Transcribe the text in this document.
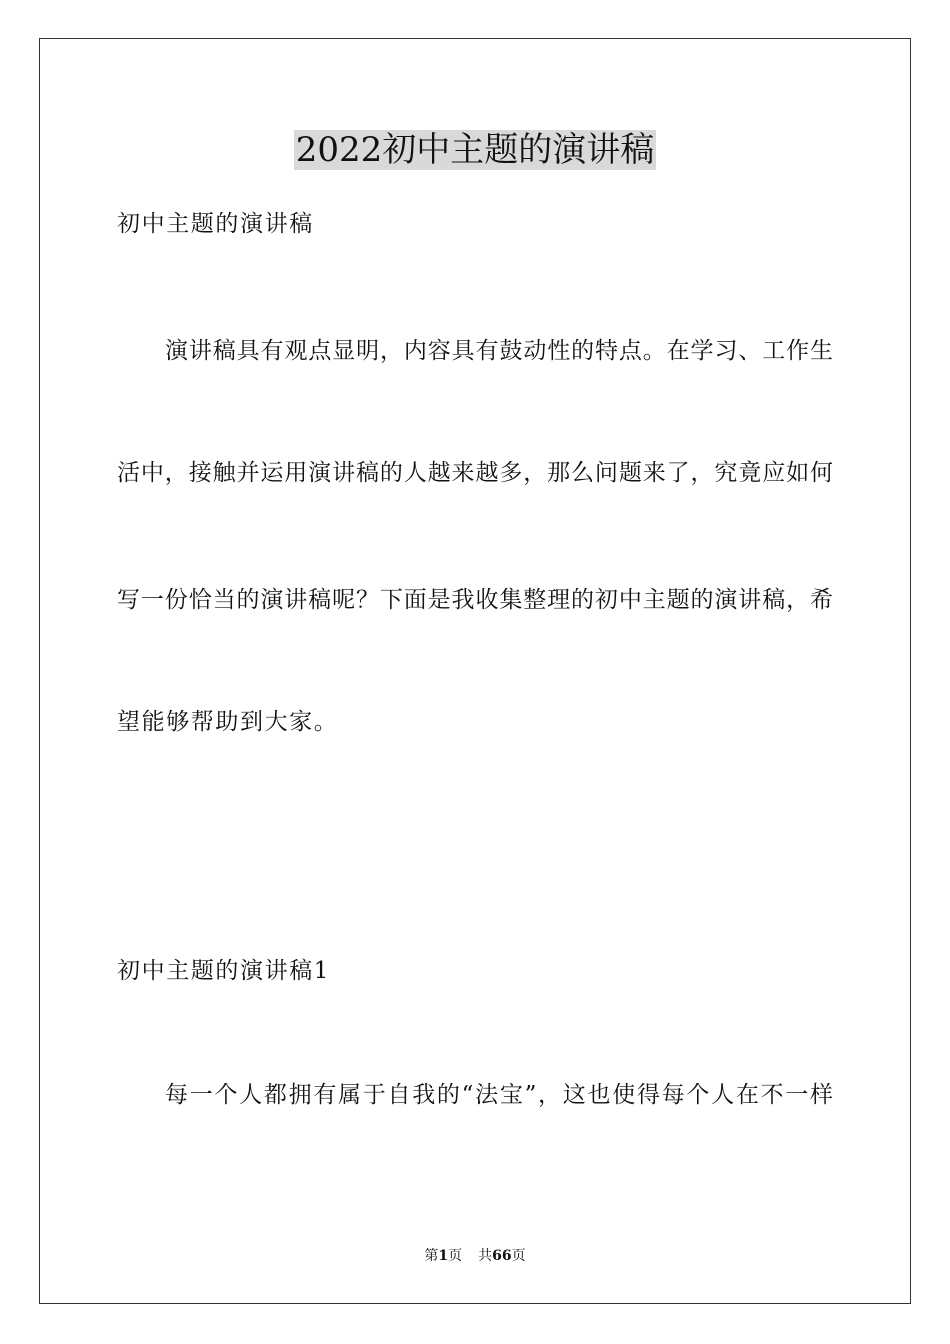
2022初中主题的演讲稿
初中主题的演讲稿
演讲稿具有观点显明，内容具有鼓动性的特点。在学习、工作生
活中，接触并运用演讲稿的人越来越多，那么问题来了，究竟应如何
写一份恰当的演讲稿呢？下面是我收集整理的初中主题的演讲稿，希
望能够帮助到大家。
初中主题的演讲稿1
每一个人都拥有属于自我的“法宝”，这也使得每个人在不一样
第1页 共66页
